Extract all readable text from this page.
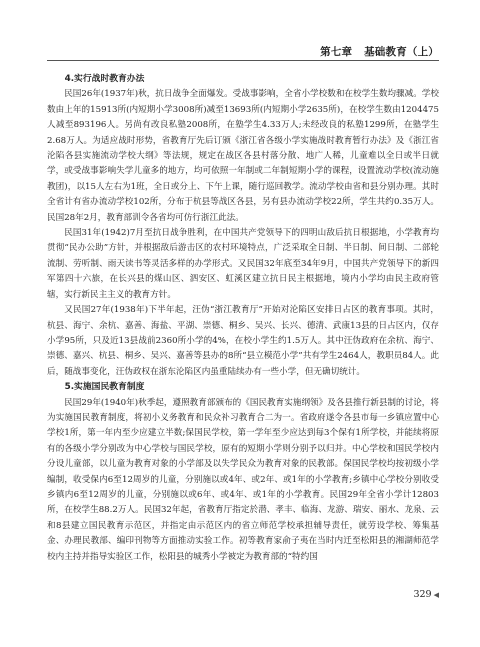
第七章 基础教育（上）
4.实行战时教育办法

民国26年(1937年)秋，抗日战争全面爆发。受战事影响，全省小学校数和在校学生数均骤减。学校数由上年的15913所(内短期小学3008所)减至13693所(内短期小学2635所)，在校学生数由1204475人减至893196人。另尚有改良私塾2008所，在塾学生4.33万人;未经改良的私塾1299所，在塾学生2.68万人。为适应战时形势，省教育厅先后订颁《浙江省各级小学实施战时教育暂行办法》及《浙江省沦陷各县实施流动学校大纲》等法规，规定在战区各县村落分散、地广人稀，儿童难以全日或半日就学，或受战事影响失学儿童多的地方，均可依照一年制或二年制短期小学的课程，设置流动学校(流动施教团)，以15人左右为1班，全日或分上、下午上课，随行巡回教学。流动学校由省和县分别办理。其时全省计有省办流动学校102所，分布于杭县等战区各县，另有县办流动学校22所，学生共约0.35万人。民国28年2月，教育部训令各省均可仿行浙江此法。

民国31年(1942)7月至抗日战争胜利，在中国共产党领导下的四明山敌后抗日根据地，小学教育均贯彻“民办公助”方针，并根据敌后游击区的农村环境特点，广泛采取全日制、半日制、间日制、二部轮流制、劳听制、雨天读书等灵活多样的办学形式。又民国32年底至34年9月，中国共产党领导下的新四军第四十六旅，在长兴县的煤山区、泗安区、虹溪区建立抗日民主根据地，境内小学均由民主政府管辖，实行新民主主义的教育方针。

又民国27年(1938年)下半年起，汪伪“浙江教育厅”开始对沦陷区安排日占区的教育事项。其时，杭县、海宁、余杭、嘉善、海盐、平湖、崇德、桐乡、吴兴、长兴、德清、武康13县的日占区内，仅存小学95所，只及近13县战前2360所小学的4%，在校小学生约1.5万人。其中汪伪政府在余杭、海宁、崇德、嘉兴、杭县、桐乡、吴兴、嘉善等县办的8所“县立模范小学”共有学生2464人，教职员84人。此后，随战事变化，汪伪政权在浙东沦陷区内虽重陆续办有一些小学，但无确切统计。

5.实施国民教育制度

民国29年(1940年)秋季起，遵照教育部颁布的《国民教育实施纲领》及各县推行新县制的讨论，将为实施国民教育制度，将初小义务教育和民众补习教育合二为一。省政府遂令各县市每一乡镇应置中心学校1所，第一年内至少应建立半数;保国民学校，第一学年至少应达到每3个保有1所学校，并能续将原有的各级小学分别改为中心学校与国民学校，原有的短期小学则分别予以归并。中心学校和国民学校内分设儿童部，以儿童为教育对象的小学部及以失学民众为教育对象的民教部。保国民学校均按初级小学编制，收受保内6至12周岁的儿童，分别施以或4年、或2年、或1年的小学教育;乡镇中心学校分别收受乡镇内6至12周岁的儿童，分别施以或6年、或4年、或1年的小学教育。民国29年全省小学计12803所，在校学生88.2万人。民国32年起，省教育厅指定於潜、孝丰、临海、龙游、瑞安、丽水、龙泉、云和8县建立国民教育示范区，并指定由示范区内的省立师范学校承担辅导责任，就劳设学校、筹集基金、办理民教部、编印刊物等方面推动实验工作。初等教育家俞子夷在当时内迁至松阳县的湘湖师范学校内主持并指导实验区工作，松阳县的城秀小学被定为教育部的“特约国

329 ◀
